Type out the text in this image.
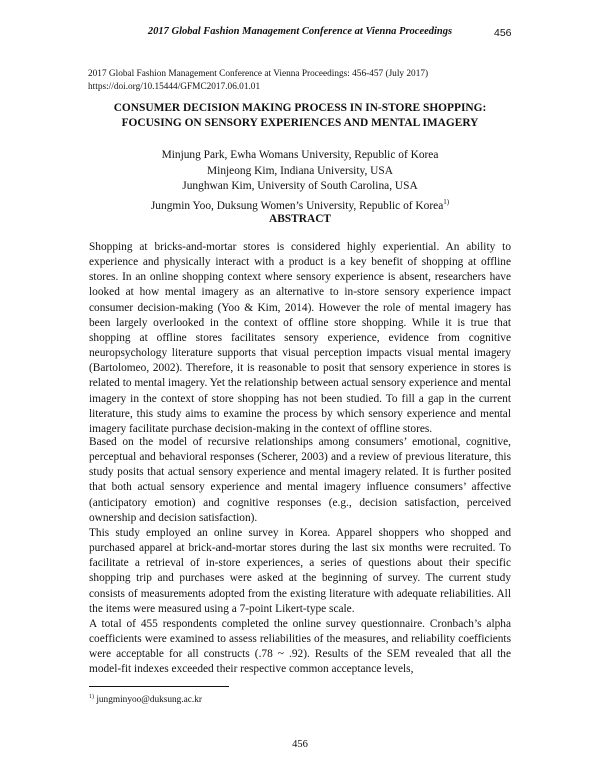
2017 Global Fashion Management Conference at Vienna Proceedings	456
2017 Global Fashion Management Conference at Vienna Proceedings: 456-457 (July 2017)
https://doi.org/10.15444/GFMC2017.06.01.01
CONSUMER DECISION MAKING PROCESS IN IN-STORE SHOPPING:
FOCUSING ON SENSORY EXPERIENCES AND MENTAL IMAGERY
Minjung Park, Ewha Womans University, Republic of Korea
Minjeong Kim, Indiana University, USA
Junghwan Kim, University of South Carolina, USA
Jungmin Yoo, Duksung Women’s University, Republic of Korea$^{1)}$
ABSTRACT
Shopping at bricks-and-mortar stores is considered highly experiential. An ability to experience and physically interact with a product is a key benefit of shopping at offline stores. In an online shopping context where sensory experience is absent, researchers have looked at how mental imagery as an alternative to in-store sensory experience impact consumer decision-making (Yoo & Kim, 2014). However the role of mental imagery has been largely overlooked in the context of offline store shopping. While it is true that shopping at offline stores facilitates sensory experience, evidence from cognitive neuropsychology literature supports that visual perception impacts visual mental imagery (Bartolomeo, 2002). Therefore, it is reasonable to posit that sensory experience in stores is related to mental imagery. Yet the relationship between actual sensory experience and mental imagery in the context of store shopping has not been studied. To fill a gap in the current literature, this study aims to examine the process by which sensory experience and mental imagery facilitate purchase decision-making in the context of offline stores.
Based on the model of recursive relationships among consumers’ emotional, cognitive, perceptual and behavioral responses (Scherer, 2003) and a review of previous literature, this study posits that actual sensory experience and mental imagery related. It is further posited that both actual sensory experience and mental imagery influence consumers’ affective (anticipatory emotion) and cognitive responses (e.g., decision satisfaction, perceived ownership and decision satisfaction).
This study employed an online survey in Korea. Apparel shoppers who shopped and purchased apparel at brick-and-mortar stores during the last six months were recruited. To facilitate a retrieval of in-store experiences, a series of questions about their specific shopping trip and purchases were asked at the beginning of survey. The current study consists of measurements adopted from the existing literature with adequate reliabilities. All the items were measured using a 7-point Likert-type scale.
A total of 455 respondents completed the online survey questionnaire. Cronbach’s alpha coefficients were examined to assess reliabilities of the measures, and reliability coefficients were acceptable for all constructs (.78 ~ .92). Results of the SEM revealed that all the model-fit indexes exceeded their respective common acceptance levels,
$^{1)}$ jungminyoo@duksung.ac.kr
456
